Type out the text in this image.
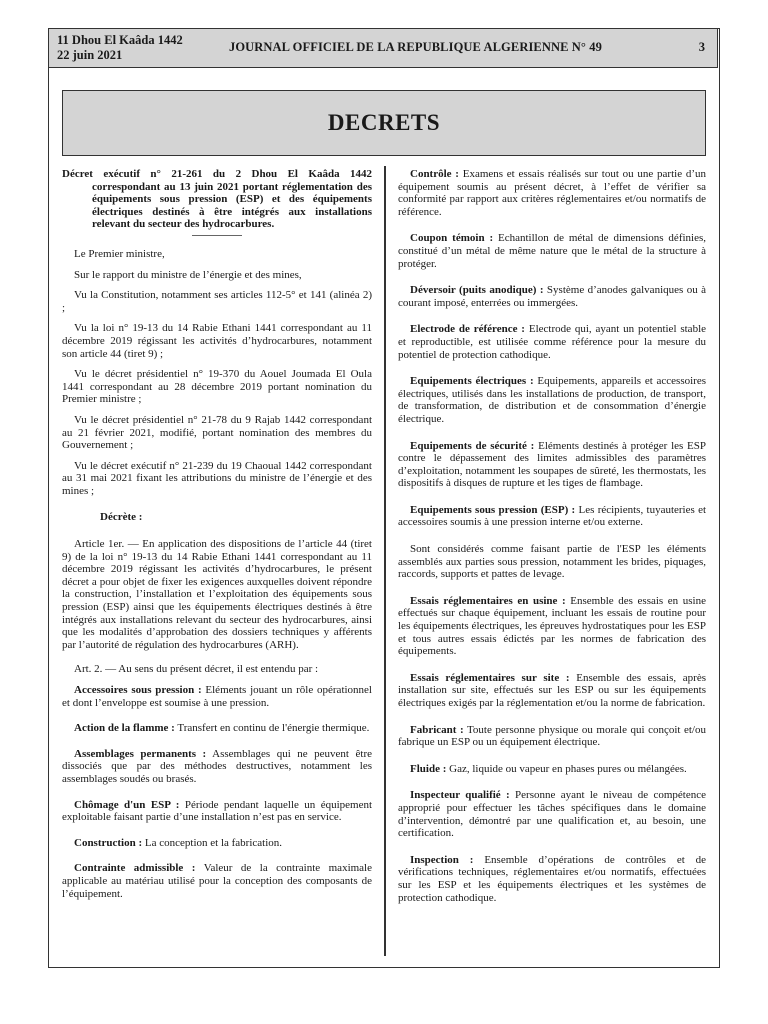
11 Dhou El Kaâda 1442
22 juin 2021
JOURNAL OFFICIEL DE LA REPUBLIQUE ALGERIENNE N° 49	3
DECRETS

Décret exécutif n° 21-261 du 2 Dhou El Kaâda 1442 correspondant au 13 juin 2021 portant réglementation des équipements sous pression (ESP) et des équipements électriques destinés à être intégrés aux installations relevant du secteur des hydrocarbures.

Le Premier ministre,

Sur le rapport du ministre de l’énergie et des mines,

Vu la Constitution, notamment ses articles 112-5° et 141 (alinéa 2) ;

Vu la loi n° 19-13 du 14 Rabie Ethani 1441 correspondant au 11 décembre 2019 régissant les activités d’hydrocarbures, notamment son article 44 (tiret 9) ;

Vu le décret présidentiel n° 19-370 du Aouel Joumada El Oula 1441 correspondant au 28 décembre 2019 portant nomination du Premier ministre ;

Vu le décret présidentiel n° 21-78 du 9 Rajab 1442 correspondant au 21 février 2021, modifié, portant nomination des membres du Gouvernement ;

Vu le décret exécutif n° 21-239 du 19 Chaoual 1442 correspondant au 31 mai 2021 fixant les attributions du ministre de l’énergie et des mines ;

Décrète :

Article 1er. — En application des dispositions de l’article 44 (tiret 9) de la loi n° 19-13 du 14 Rabie Ethani 1441 correspondant au 11 décembre 2019 régissant les activités d’hydrocarbures, le présent décret a pour objet de fixer les exigences auxquelles doivent répondre la construction, l’installation et l’exploitation des équipements sous pression (ESP) ainsi que les équipements électriques destinés à être intégrés aux installations relevant du secteur des hydrocarbures, ainsi que les modalités d’approbation des dossiers techniques y afférents par l’autorité de régulation des hydrocarbures (ARH).

Art. 2. — Au sens du présent décret, il est entendu par :

Accessoires sous pression : Eléments jouant un rôle opérationnel et dont l’enveloppe est soumise à une pression.

Action de la flamme : Transfert en continu de l'énergie thermique.

Assemblages permanents : Assemblages qui ne peuvent être dissociés que par des méthodes destructives, notamment les assemblages soudés ou brasés.

Chômage d'un ESP : Période pendant laquelle un équipement exploitable faisant partie d’une installation n’est pas en service.

Construction : La conception et la fabrication.

Contrainte admissible : Valeur de la contrainte maximale applicable au matériau utilisé pour la conception des composants de l’équipement.

Contrôle : Examens et essais réalisés sur tout ou une partie d’un équipement soumis au présent décret, à l’effet de vérifier sa conformité par rapport aux critères réglementaires et/ou normatifs de référence.

Coupon témoin : Echantillon de métal de dimensions définies, constitué d’un métal de même nature que le métal de la structure à protéger.

Déversoir (puits anodique) : Système d’anodes galvaniques ou à courant imposé, enterrées ou immergées.

Electrode de référence : Electrode qui, ayant un potentiel stable et reproductible, est utilisée comme référence pour la mesure du potentiel de protection cathodique.

Equipements électriques : Equipements, appareils et accessoires électriques, utilisés dans les installations de production, de transport, de transformation, de distribution et de consommation d’énergie électrique.

Equipements de sécurité : Eléments destinés à protéger les ESP contre le dépassement des limites admissibles des paramètres d’exploitation, notamment les soupapes de sûreté, les thermostats, les dispositifs à disques de rupture et les tiges de flambage.

Equipements sous pression (ESP) : Les récipients, tuyauteries et accessoires soumis à une pression interne et/ou externe.

Sont considérés comme faisant partie de l'ESP les éléments assemblés aux parties sous pression, notamment les brides, piquages, raccords, supports et pattes de levage.

Essais réglementaires en usine : Ensemble des essais en usine effectués sur chaque équipement, incluant les essais de routine pour les équipements électriques, les épreuves hydrostatiques pour les ESP et tous autres essais édictés par les normes de fabrication des équipements.

Essais réglementaires sur site : Ensemble des essais, après installation sur site, effectués sur les ESP ou sur les équipements électriques exigés par la réglementation et/ou la norme de fabrication.

Fabricant : Toute personne physique ou morale qui conçoit et/ou fabrique un ESP ou un équipement électrique.

Fluide : Gaz, liquide ou vapeur en phases pures ou mélangées.

Inspecteur qualifié : Personne ayant le niveau de compétence approprié pour effectuer les tâches spécifiques dans le domaine d’intervention, démontré par une qualification et, au besoin, une certification.

Inspection : Ensemble d’opérations de contrôles et de vérifications techniques, réglementaires et/ou normatifs, effectuées sur les ESP et les équipements électriques et les systèmes de protection cathodique.
